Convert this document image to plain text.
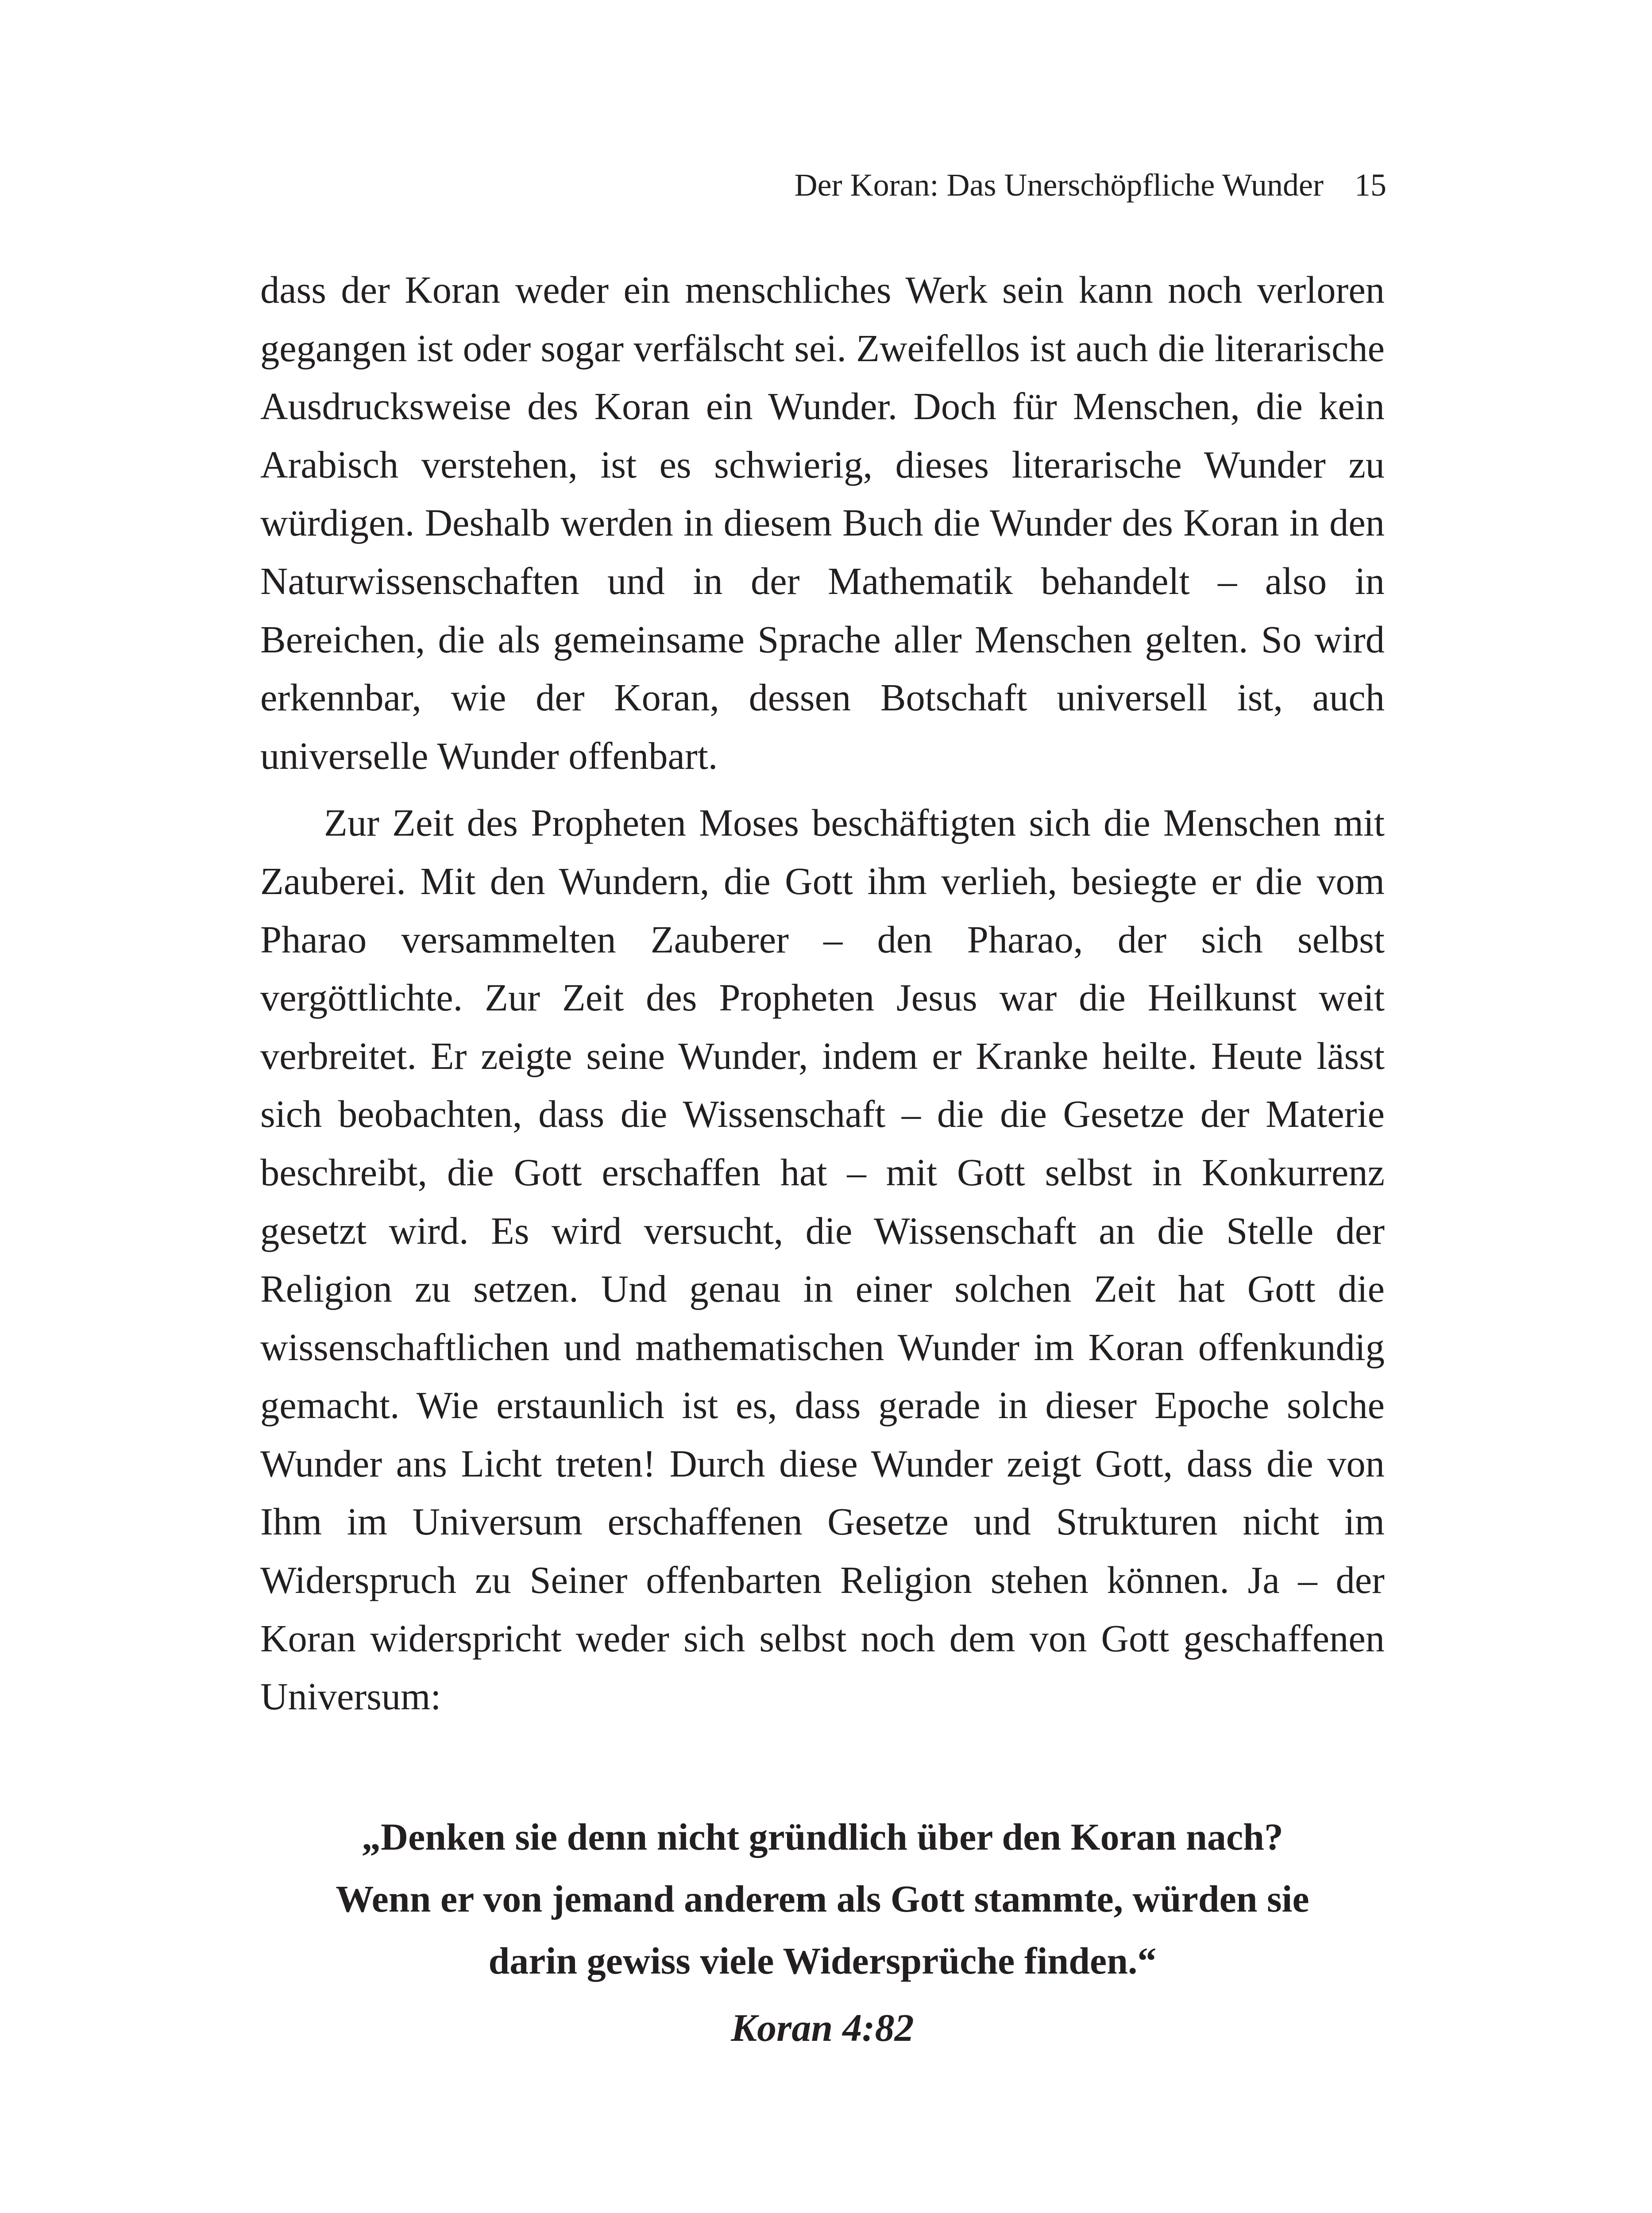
Der Koran: Das Unerschöpfliche Wunder 15

dass der Koran weder ein menschliches Werk sein kann noch verloren gegangen ist oder sogar verfälscht sei. Zweifellos ist auch die literarische Ausdrucksweise des Koran ein Wunder. Doch für Menschen, die kein Arabisch verstehen, ist es schwierig, dieses literarische Wunder zu würdigen. Deshalb werden in diesem Buch die Wunder des Koran in den Naturwissenschaften und in der Mathematik behandelt – also in Bereichen, die als gemeinsame Sprache aller Menschen gelten. So wird erkennbar, wie der Koran, dessen Botschaft universell ist, auch universelle Wunder offenbart.

Zur Zeit des Propheten Moses beschäftigten sich die Menschen mit Zauberei. Mit den Wundern, die Gott ihm verlieh, besiegte er die vom Pharao versammelten Zauberer – den Pharao, der sich selbst vergöttlichte. Zur Zeit des Propheten Jesus war die Heilkunst weit verbreitet. Er zeigte seine Wunder, indem er Kranke heilte. Heute lässt sich beobachten, dass die Wissenschaft – die die Gesetze der Materie beschreibt, die Gott erschaffen hat – mit Gott selbst in Konkurrenz gesetzt wird. Es wird versucht, die Wissenschaft an die Stelle der Religion zu setzen. Und genau in einer solchen Zeit hat Gott die wissenschaftlichen und mathematischen Wunder im Koran offenkundig gemacht. Wie erstaunlich ist es, dass gerade in dieser Epoche solche Wunder ans Licht treten! Durch diese Wunder zeigt Gott, dass die von Ihm im Universum erschaffenen Gesetze und Strukturen nicht im Widerspruch zu Seiner offenbarten Religion stehen können. Ja – der Koran widerspricht weder sich selbst noch dem von Gott geschaffenen Universum:

„Denken sie denn nicht gründlich über den Koran nach?
Wenn er von jemand anderem als Gott stammte, würden sie
darin gewiss viele Widersprüche finden.“

Koran 4:82
